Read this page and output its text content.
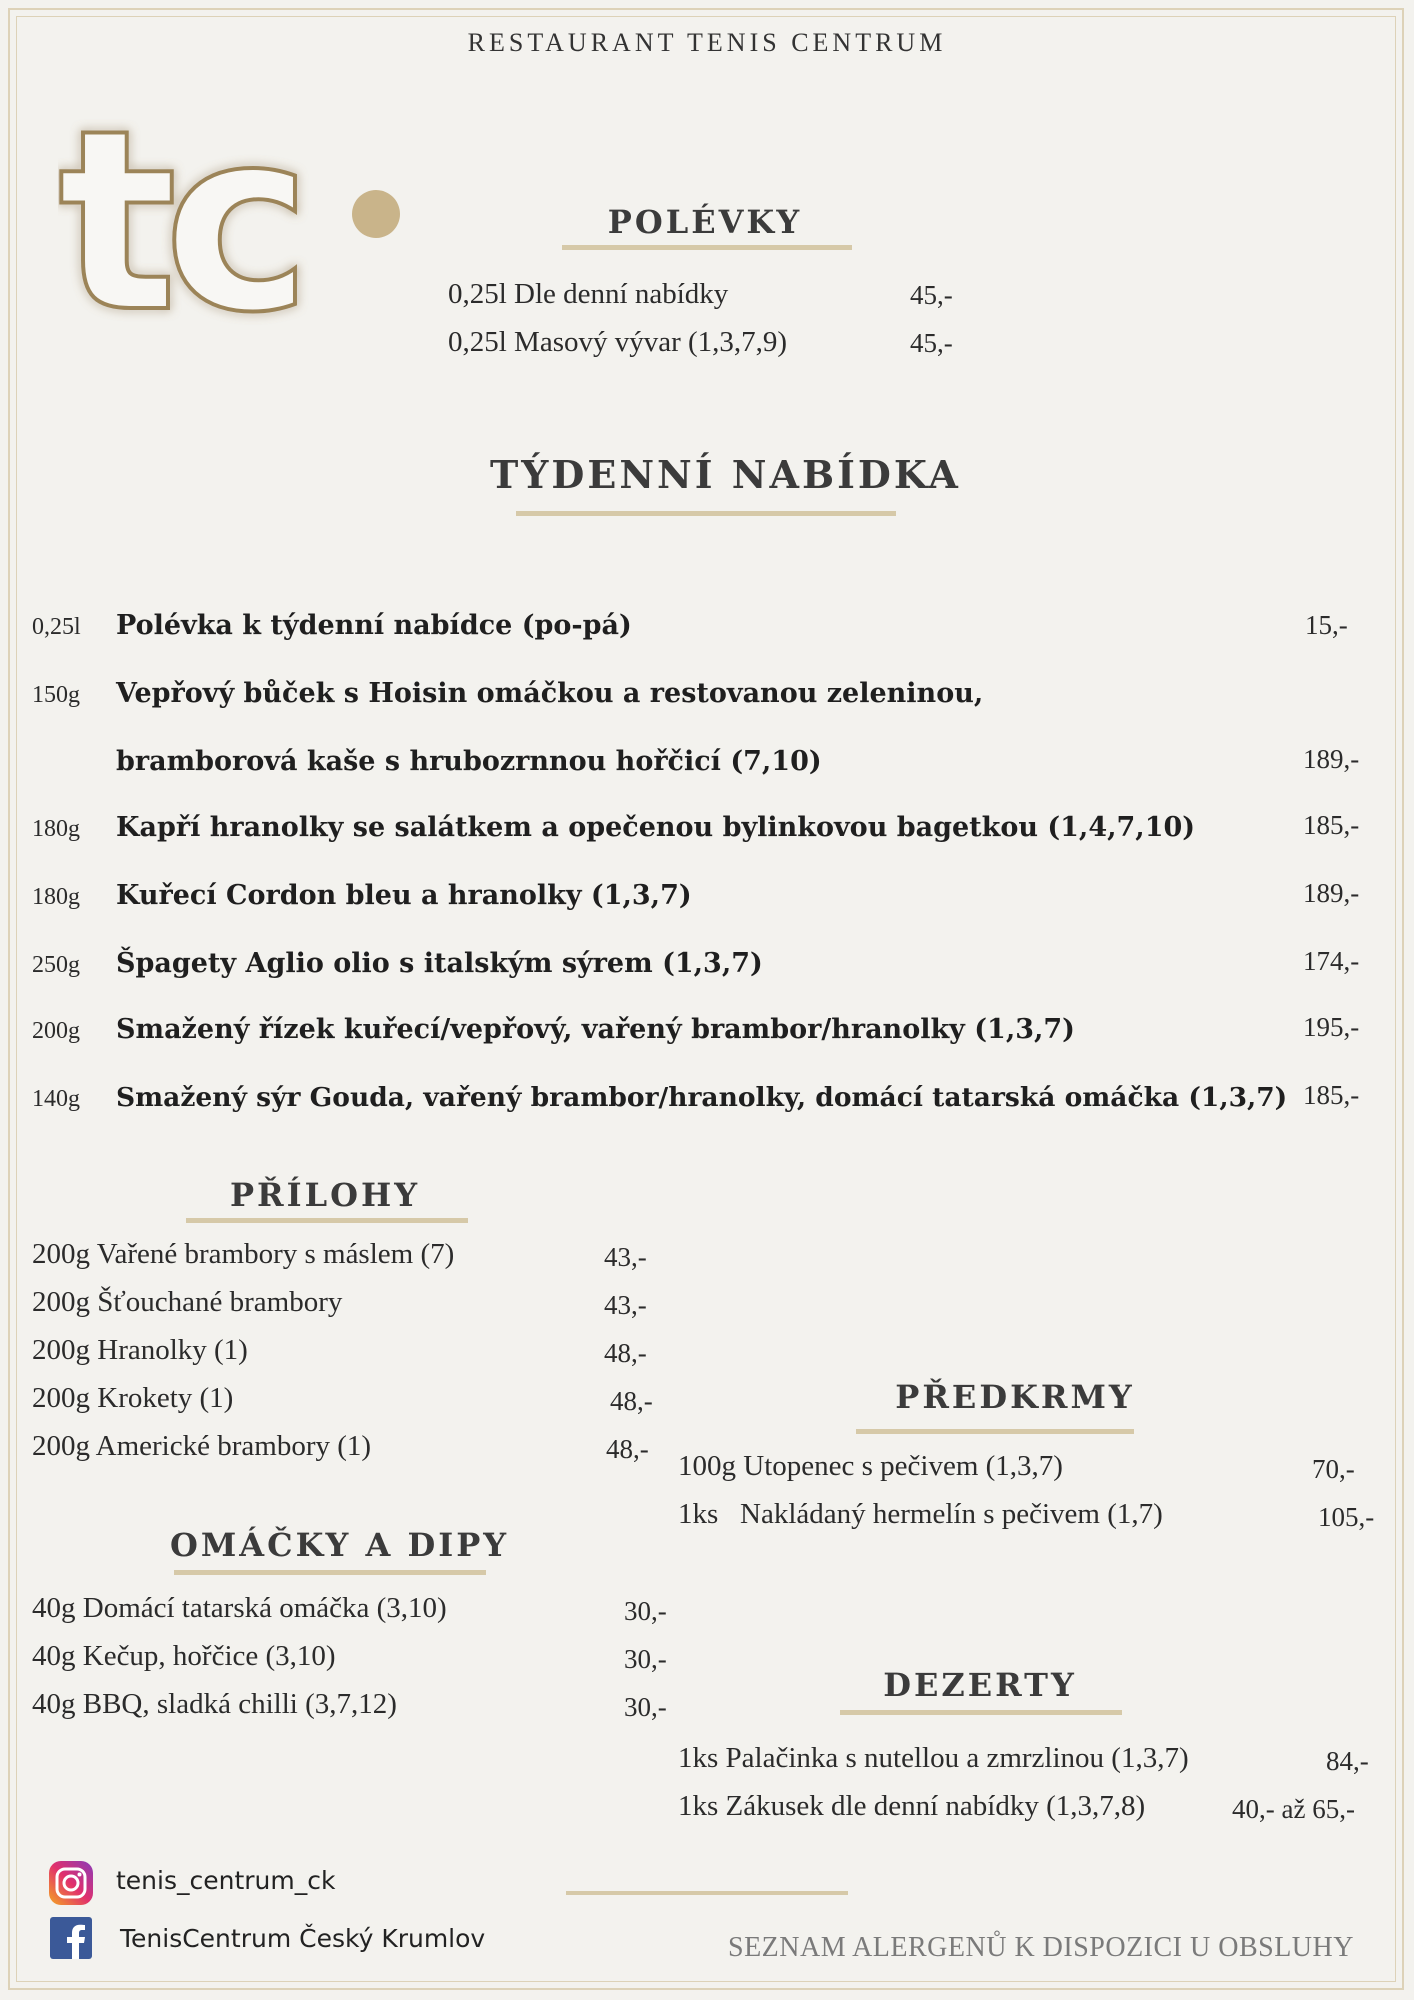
RESTAURANT TENIS CENTRUM
tc	POLÉVKY
0,25l Dle denní nabídky	45,-
0,25l Masový vývar (1,3,7,9)	45,-
TÝDENNÍ NABÍDKA
0,25l Polévka k týdenní nabídce (po-pá)	15,-
150g Vepřový bůček s Hoisin omáčkou a restovanou zeleninou,
bramborová kaše s hrubozrnnou hořčicí (7,10)	189,-
180g Kapří hranolky se salátkem a opečenou bylinkovou bagetkou (1,4,7,10)	185,-
180g Kuřecí Cordon bleu a hranolky (1,3,7)	189,-
250g Špagety Aglio olio s italským sýrem (1,3,7)	174,-
200g Smažený řízek kuřecí/vepřový, vařený brambor/hranolky (1,3,7)	195,-
140g Smažený sýr Gouda, vařený brambor/hranolky, domácí tatarská omáčka (1,3,7) 185,-
PŘÍLOHY
200g Vařené brambory s máslem (7)	43,-
200g Šťouchané brambory	43,-
200g Hranolky (1)	48,-
200g Krokety (1)	48,-
200g Americké brambory (1)	48,-
OMÁČKY A DIPY
40g Domácí tatarská omáčka (3,10)	30,-
40g Kečup, hořčice (3,10)	30,-
40g BBQ, sladká chilli (3,7,12)	30,-
PŘEDKRMY
100g Utopenec s pečivem (1,3,7)	70,-
1ks   Nakládaný hermelín s pečivem (1,7)	105,-
DEZERTY
1ks Palačinka s nutellou a zmrzlinou (1,3,7)	84,-
1ks Zákusek dle denní nabídky (1,3,7,8)	40,- až 65,-
tenis_centrum_ck
TenisCentrum Český Krumlov	SEZNAM ALERGENŮ K DISPOZICI U OBSLUHY
